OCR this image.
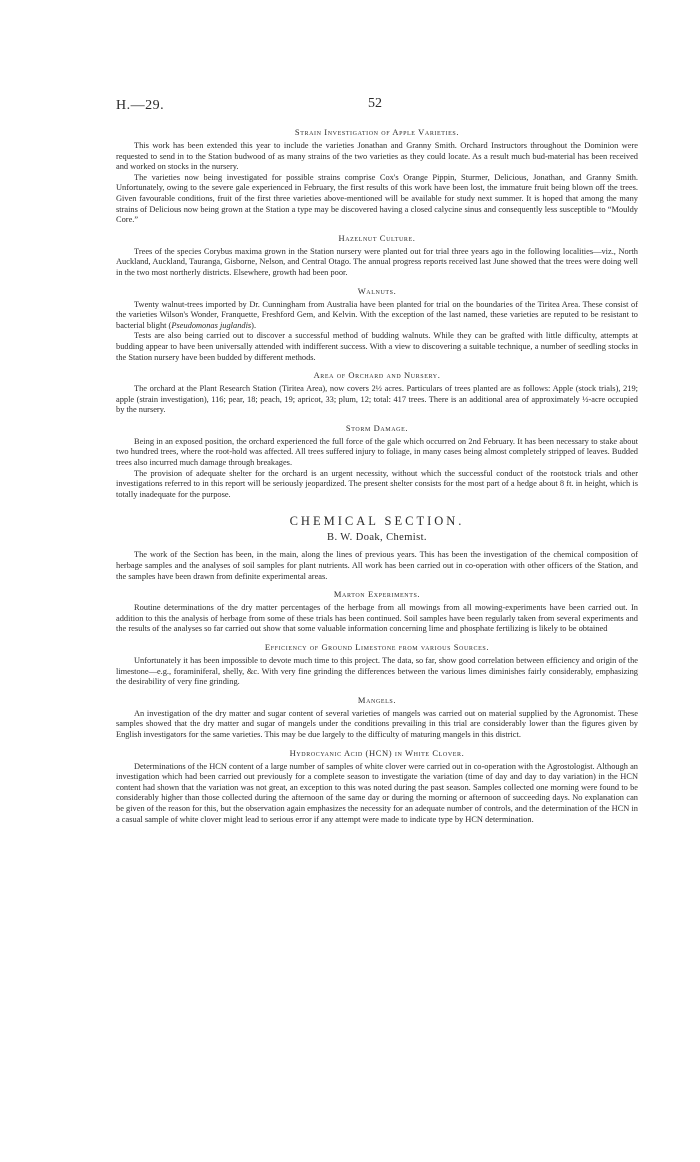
H.—29.	52
Strain Investigation of Apple Varieties.

This work has been extended this year to include the varieties Jonathan and Granny Smith. Orchard Instructors throughout the Dominion were requested to send in to the Station budwood of as many strains of the two varieties as they could locate. As a result much bud-material has been received and worked on stocks in the nursery.

The varieties now being investigated for possible strains comprise Cox's Orange Pippin, Sturmer, Delicious, Jonathan, and Granny Smith. Unfortunately, owing to the severe gale experienced in February, the first results of this work have been lost, the immature fruit being blown off the trees. Given favourable conditions, fruit of the first three varieties above-mentioned will be available for study next summer. It is hoped that among the many strains of Delicious now being grown at the Station a type may be discovered having a closed calycine sinus and consequently less susceptible to “Mouldy Core.”

Hazelnut Culture.

Trees of the species Corybus maxima grown in the Station nursery were planted out for trial three years ago in the following localities—viz., North Auckland, Auckland, Tauranga, Gisborne, Nelson, and Central Otago. The annual progress reports received last June showed that the trees were doing well in the two most northerly districts. Elsewhere, growth had been poor.

Walnuts.

Twenty walnut-trees imported by Dr. Cunningham from Australia have been planted for trial on the boundaries of the Tiritea Area. These consist of the varieties Wilson's Wonder, Franquette, Freshford Gem, and Kelvin. With the exception of the last named, these varieties are reputed to be resistant to bacterial blight (Pseudomonas juglandis).

Tests are also being carried out to discover a successful method of budding walnuts. While they can be grafted with little difficulty, attempts at budding appear to have been universally attended with indifferent success. With a view to discovering a suitable technique, a number of seedling stocks in the Station nursery have been budded by different methods.

Area of Orchard and Nursery.

The orchard at the Plant Research Station (Tiritea Area), now covers 2½ acres. Particulars of trees planted are as follows: Apple (stock trials), 219; apple (strain investigation), 116; pear, 18; peach, 19; apricot, 33; plum, 12; total: 417 trees. There is an additional area of approximately ½-acre occupied by the nursery.

Storm Damage.

Being in an exposed position, the orchard experienced the full force of the gale which occurred on 2nd February. It has been necessary to stake about two hundred trees, where the root-hold was affected. All trees suffered injury to foliage, in many cases being almost completely stripped of leaves. Budded trees also incurred much damage through breakages.

The provision of adequate shelter for the orchard is an urgent necessity, without which the successful conduct of the rootstock trials and other investigations referred to in this report will be seriously jeopardized. The present shelter consists for the most part of a hedge about 8 ft. in height, which is totally inadequate for the purpose.

CHEMICAL SECTION.
B. W. Doak, Chemist.

The work of the Section has been, in the main, along the lines of previous years. This has been the investigation of the chemical composition of herbage samples and the analyses of soil samples for plant nutrients. All work has been carried out in co-operation with other officers of the Station, and the samples have been drawn from definite experimental areas.

Marton Experiments.

Routine determinations of the dry matter percentages of the herbage from all mowings from all mowing-experiments have been carried out. In addition to this the analysis of herbage from some of these trials has been continued. Soil samples have been regularly taken from several experiments and the results of the analyses so far carried out show that some valuable information concerning lime and phosphate fertilizing is likely to be obtained

Efficiency of Ground Limestone from various Sources.

Unfortunately it has been impossible to devote much time to this project. The data, so far, show good correlation between efficiency and origin of the limestone—e.g., foraminiferal, shelly, &c. With very fine grinding the differences between the various limes diminishes fairly considerably, emphasizing the desirability of very fine grinding.

Mangels.

An investigation of the dry matter and sugar content of several varieties of mangels was carried out on material supplied by the Agronomist. These samples showed that the dry matter and sugar of mangels under the conditions prevailing in this trial are considerably lower than the figures given by English investigators for the same varieties. This may be due largely to the difficulty of maturing mangels in this district.

Hydrocyanic Acid (HCN) in White Clover.

Determinations of the HCN content of a large number of samples of white clover were carried out in co-operation with the Agrostologist. Although an investigation which had been carried out previously for a complete season to investigate the variation (time of day and day to day variation) in the HCN content had shown that the variation was not great, an exception to this was noted during the past season. Samples collected one morning were found to be considerably higher than those collected during the afternoon of the same day or during the morning or afternoon of succeeding days. No explanation can be given of the reason for this, but the observation again emphasizes the necessity for an adequate number of controls, and the determination of the HCN in a casual sample of white clover might lead to serious error if any attempt were made to indicate type by HCN determination.
